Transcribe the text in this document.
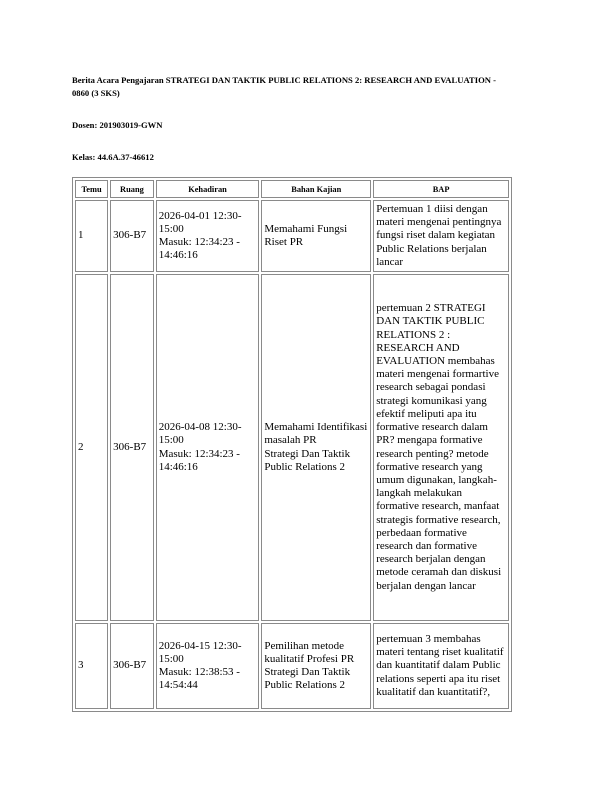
Berita Acara Pengajaran STRATEGI DAN TAKTIK PUBLIC RELATIONS 2: RESEARCH AND EVALUATION - 0860 (3 SKS)
Dosen: 201903019-GWN
Kelas: 44.6A.37-46612
Temu	Ruang	Kehadiran	Bahan Kajian	BAP
1	306-B7	2026-04-01 12:30-15:00
Masuk: 12:34:23 - 14:46:16	Memahami Fungsi Riset PR	Pertemuan 1 diisi dengan materi mengenai pentingnya fungsi riset dalam kegiatan Public Relations berjalan lancar
2	306-B7	2026-04-08 12:30-15:00
Masuk: 12:34:23 - 14:46:16	Memahami Identifikasi masalah PR
Strategi Dan Taktik Public Relations 2	pertemuan 2 STRATEGI DAN TAKTIK PUBLIC RELATIONS 2 : RESEARCH AND EVALUATION membahas materi mengenai formartive research sebagai pondasi strategi komunikasi yang efektif meliputi apa itu formative research dalam PR? mengapa formative research penting? metode formative research yang umum digunakan, langkah-langkah melakukan formative research, manfaat strategis formative research, perbedaan formative research dan formative research berjalan dengan metode ceramah dan diskusi berjalan dengan lancar
3	306-B7	2026-04-15 12:30-15:00
Masuk: 12:38:53 - 14:54:44	Pemilihan metode kualitatif Profesi PR
Strategi Dan Taktik Public Relations 2	pertemuan 3 membahas materi tentang riset kualitatif dan kuantitatif dalam Public relations seperti apa itu riset kualitatif dan kuantitatif?,
